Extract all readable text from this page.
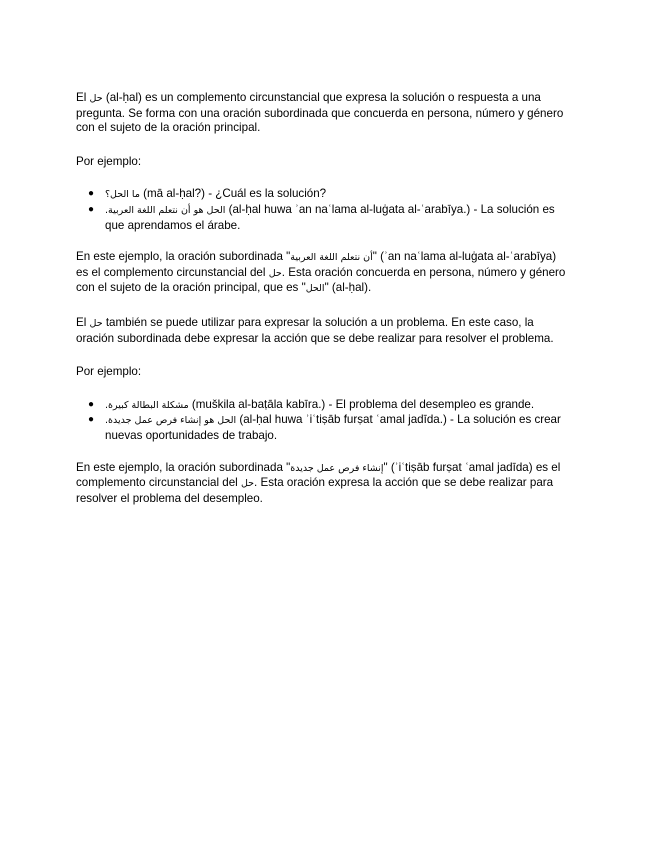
El حل (al-ḥal) es un complemento circunstancial que expresa la solución o respuesta a una pregunta. Se forma con una oración subordinada que concuerda en persona, número y género con el sujeto de la oración principal.

Por ejemplo:

● ما الحل؟ (mā al-ḥal?) - ¿Cuál es la solución?
● الحل هو أن نتعلم اللغة العربية. (al-ḥal huwa ʾan naʿlama al-luġata al-ʿarabīya.) - La solución es que aprendamos el árabe.

En este ejemplo, la oración subordinada "أن نتعلم اللغة العربية" (ʾan naʿlama al-luġata al-ʿarabīya) es el complemento circunstancial del حل. Esta oración concuerda en persona, número y género con el sujeto de la oración principal, que es "الحل" (al-ḥal).

El حل también se puede utilizar para expresar la solución a un problema. En este caso, la oración subordinada debe expresar la acción que se debe realizar para resolver el problema.

Por ejemplo:

● مشكلة البطالة كبيرة. (muškila al-baṭāla kabīra.) - El problema del desempleo es grande.
● الحل هو إنشاء فرص عمل جديدة. (al-ḥal huwa ʾiʿtiṣāb furṣat ʿamal jadīda.) - La solución es crear nuevas oportunidades de trabajo.

En este ejemplo, la oración subordinada "إنشاء فرص عمل جديدة" (ʾiʿtiṣāb furṣat ʿamal jadīda) es el complemento circunstancial del حل. Esta oración expresa la acción que se debe realizar para resolver el problema del desempleo.
